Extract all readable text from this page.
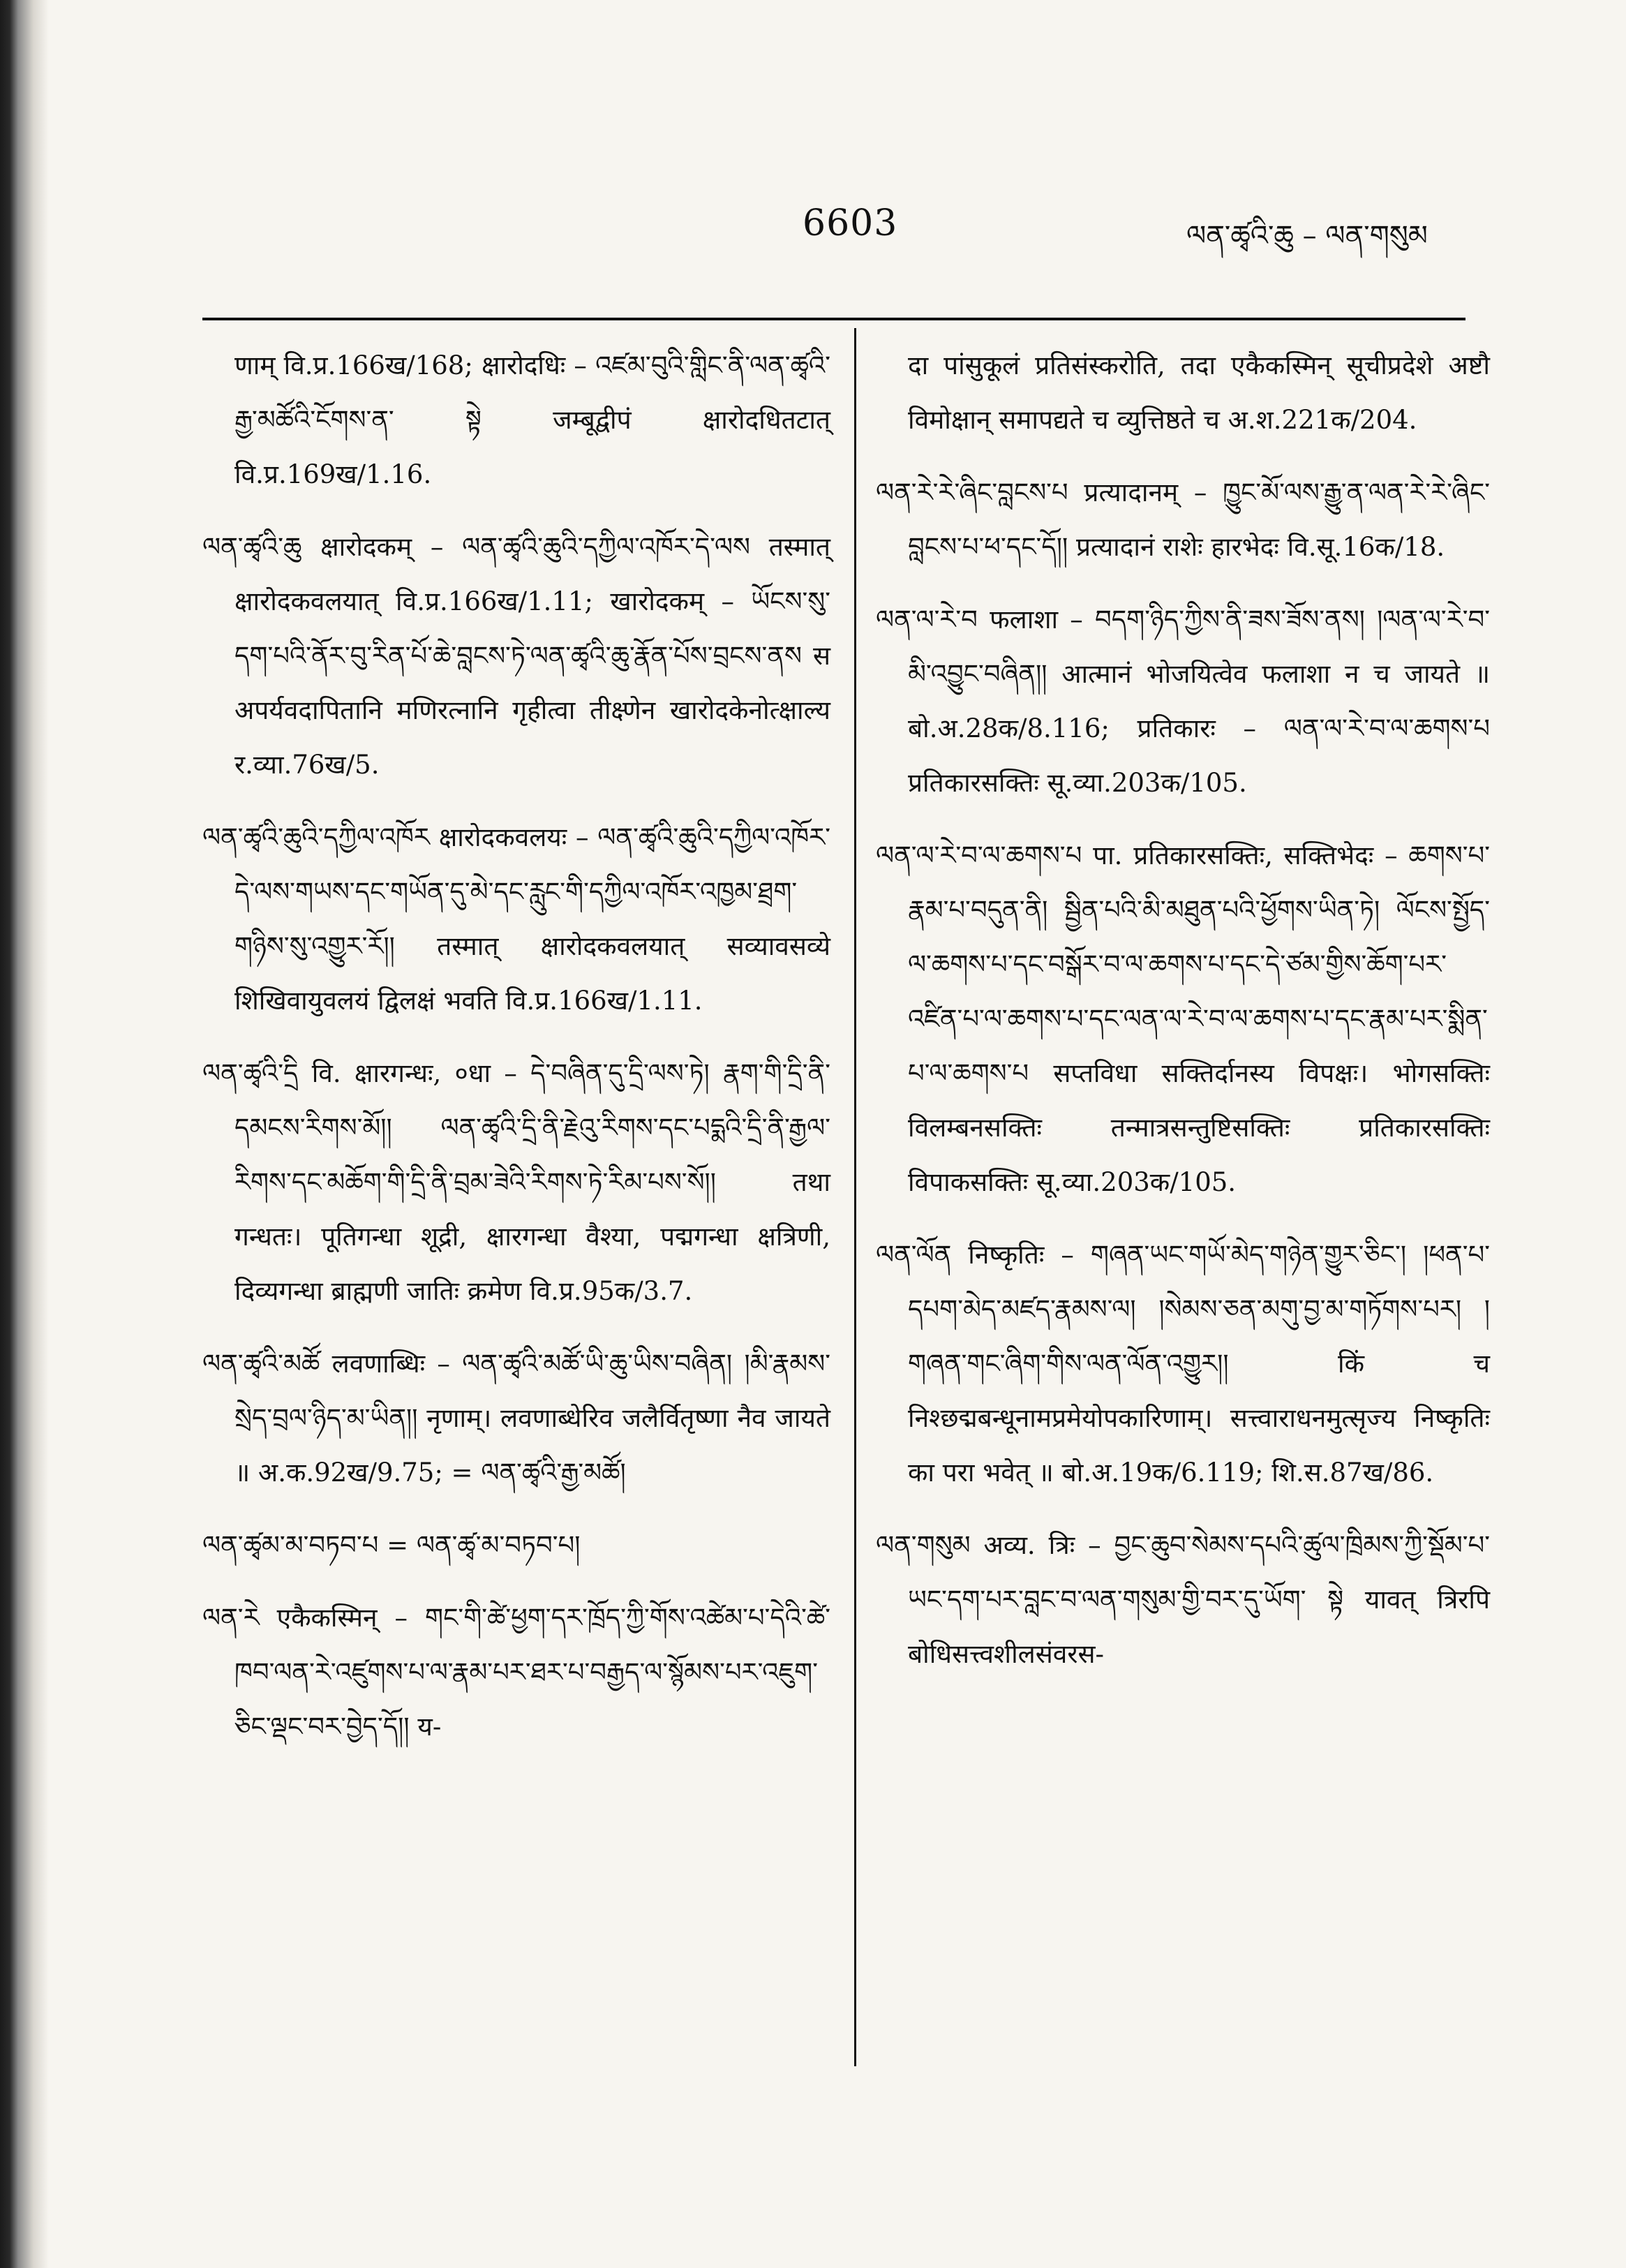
6603	ལན་ཚྭའི་ཆུ – ལན་གསུམ

णाम् वि.प्र.166ख/168; क्षारोदधिः – འཛམ་བུའི་གླིང་ནི་ལན་ཚྭའི་རྒྱ་མཚོའི་ངོགས་ན་ སྟེ जम्बूद्वीपं क्षारोदधितटात् वि.प्र.169ख/1.16.

ལན་ཚྭའི་ཆུ क्षारोदकम् – ལན་ཚྭའི་ཆུའི་དཀྱིལ་འཁོར་དེ་ལས तस्मात् क्षारोदकवलयात् वि.प्र.166ख/1.11; खारोदकम् – ཡོངས་སུ་དག་པའི་ནོར་བུ་རིན་པོ་ཆེ་བླངས་ཏེ་ལན་ཚྭའི་ཆུ་རྣོན་པོས་བྲངས་ནས स अपर्यवदापितानि मणिरत्नानि गृहीत्वा तीक्ष्णेन खारोदकेनोत्क्षाल्य र.व्या.76ख/5.

ལན་ཚྭའི་ཆུའི་དཀྱིལ་འཁོར क्षारोदकवलयः – ལན་ཚྭའི་ཆུའི་དཀྱིལ་འཁོར་དེ་ལས་གཡས་དང་གཡོན་དུ་མེ་དང་རླུང་གི་དཀྱིལ་འཁོར་འཁྱམ་ཐྲག་གཉིས་སུ་འགྱུར་རོ།། तस्मात् क्षारोदकवलयात् सव्यावसव्ये शिखिवायुवलयं द्विलक्षं भवति वि.प्र.166ख/1.11.

ལན་ཚྭའི་དྲི वि. क्षारगन्धः, ०धा – དེ་བཞིན་དུ་དྲི་ལས་ཏེ། རྣག་གི་དྲི་ནི་དམངས་རིགས་མོ།། ལན་ཚྭའི་དྲི་ནི་རྗེའུ་རིགས་དང་པདྨའི་དྲི་ནི་རྒྱལ་རིགས་དང་མཆོག་གི་དྲི་ནི་བྲམ་ཟེའི་རིགས་ཏེ་རིམ་པས་སོ།། तथा गन्धतः। पूतिगन्धा शूद्री, क्षारगन्धा वैश्या, पद्मगन्धा क्षत्रिणी, दिव्यगन्धा ब्राह्मणी जातिः क्रमेण वि.प्र.95क/3.7.

ལན་ཚྭའི་མཚོ लवणाब्धिः – ལན་ཚྭའི་མཚོ་ཡི་ཆུ་ཡིས་བཞིན། །མི་རྣམས་སྲེད་བྲལ་ཉིད་མ་ཡིན།། नृणाम्। लवणाब्धेरिव जलैर्वितृष्णा नैव जायते ॥ अ.क.92ख/9.75; = ལན་ཚྭའི་རྒྱ་མཚོ།

ལན་ཚྭམ་མ་བཏབ་པ = ལན་ཚྭ་མ་བཏབ་པ།

ལན་རེ एकैकस्मिन् – གང་གི་ཚེ་ཕྱག་དར་ཁྲོད་ཀྱི་གོས་འཚེམ་པ་དེའི་ཚེ་ཁབ་ལན་རེ་འཛུགས་པ་ལ་རྣམ་པར་ཐར་པ་བརྒྱད་ལ་སྙོམས་པར་འཇུག་ཅིང་ལྡང་བར་བྱེད་དོ།། य-

दा पांसुकूलं प्रतिसंस्करोति, तदा एकैकस्मिन् सूचीप्रदेशे अष्टौ विमोक्षान् समापद्यते च व्युत्तिष्ठते च अ.श.221क/204.

ལན་རེ་རེ་ཞིང་བླངས་པ प्रत्यादानम् – ཁྱུང་མོ་ལས་རྒྱུ་ན་ལན་རེ་རེ་ཞིང་བླངས་པ་ཕ་དང་དོ།། प्रत्यादानं राशेः हारभेदः वि.सू.16क/18.

ལན་ལ་རེ་བ फलाशा – བདག་ཉིད་ཀྱིས་ནི་ཟས་ཟོས་ནས། །ལན་ལ་རེ་བ་མི་འབྱུང་བཞིན།། आत्मानं भोजयित्वेव फलाशा न च जायते ॥ बो.अ.28क/8.116; प्रतिकारः – ལན་ལ་རེ་བ་ལ་ཆགས་པ प्रतिकारसक्तिः सू.व्या.203क/105.

ལན་ལ་རེ་བ་ལ་ཆགས་པ पा. प्रतिकारसक्तिः, सक्तिभेदः – ཆགས་པ་རྣམ་པ་བདུན་ནི། སྦྱིན་པའི་མི་མཐུན་པའི་ཕྱོགས་ཡིན་ཏེ། ལོངས་སྤྱོད་ལ་ཆགས་པ་དང་བསྒོར་བ་ལ་ཆགས་པ་དང་དེ་ཙམ་གྱིས་ཆོག་པར་འཛིན་པ་ལ་ཆགས་པ་དང་ལན་ལ་རེ་བ་ལ་ཆགས་པ་དང་རྣམ་པར་སྨིན་པ་ལ་ཆགས་པ सप्तविधा सक्तिर्दानस्य विपक्षः। भोगसक्तिः विलम्बनसक्तिः तन्मात्रसन्तुष्टिसक्तिः प्रतिकारसक्तिः विपाकसक्तिः सू.व्या.203क/105.

ལན་ལོན निष्कृतिः – གཞན་ཡང་གཡོ་མེད་གཉེན་གྱུར་ཅིང་། །ཕན་པ་དཔག་མེད་མཛད་རྣམས་ལ། །སེམས་ཅན་མགུ་བྱ་མ་གཏོགས་པར། །གཞན་གང་ཞིག་གིས་ལན་ལོན་འགྱུར།། किं च निश्छद्मबन्धूनामप्रमेयोपकारिणाम्। सत्त्वाराधनमुत्सृज्य निष्कृतिः का परा भवेत् ॥ बो.अ.19क/6.119; शि.स.87ख/86.

ལན་གསུམ अव्य. त्रिः – བྱང་ཆུབ་སེམས་དཔའི་ཚུལ་ཁྲིམས་ཀྱི་སྡོམ་པ་ཡང་དག་པར་བླང་བ་ལན་གསུམ་གྱི་བར་དུ་ཡོག་ སྟེ यावत् त्रिरपि बोधिसत्त्वशीलसंवरस-
